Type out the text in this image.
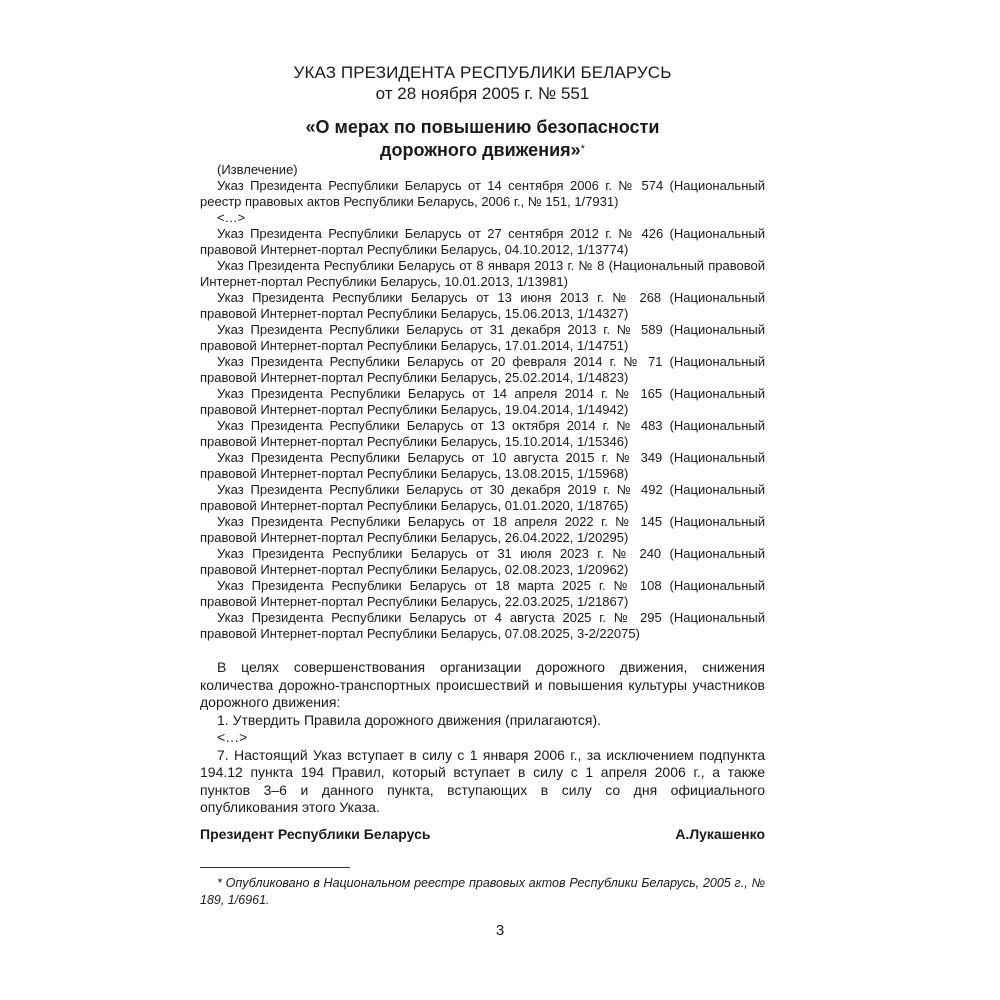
УКАЗ ПРЕЗИДЕНТА РЕСПУБЛИКИ БЕЛАРУСЬ
от 28 ноября 2005 г. № 551
«О мерах по повышению безопасности
дорожного движения»*

(Извлечение)

Указ Президента Республики Беларусь от 14 сентября 2006 г. № 574 (Национальный реестр правовых актов Республики Беларусь, 2006 г., № 151, 1/7931)

<…>

Указ Президента Республики Беларусь от 27 сентября 2012 г. № 426 (Национальный правовой Интернет-портал Республики Беларусь, 04.10.2012, 1/13774)

Указ Президента Республики Беларусь от 8 января 2013 г. № 8 (Национальный правовой Интернет-портал Республики Беларусь, 10.01.2013, 1/13981)

Указ Президента Республики Беларусь от 13 июня 2013 г. № 268 (Национальный правовой Интернет-портал Республики Беларусь, 15.06.2013, 1/14327)

Указ Президента Республики Беларусь от 31 декабря 2013 г. № 589 (Национальный правовой Интернет-портал Республики Беларусь, 17.01.2014, 1/14751)

Указ Президента Республики Беларусь от 20 февраля 2014 г. № 71 (Национальный правовой Интернет-портал Республики Беларусь, 25.02.2014, 1/14823)

Указ Президента Республики Беларусь от 14 апреля 2014 г. № 165 (Национальный правовой Интернет-портал Республики Беларусь, 19.04.2014, 1/14942)

Указ Президента Республики Беларусь от 13 октября 2014 г. № 483 (Национальный правовой Интернет-портал Республики Беларусь, 15.10.2014, 1/15346)

Указ Президента Республики Беларусь от 10 августа 2015 г. № 349 (Национальный правовой Интернет-портал Республики Беларусь, 13.08.2015, 1/15968)

Указ Президента Республики Беларусь от 30 декабря 2019 г. № 492 (Национальный правовой Интернет-портал Республики Беларусь, 01.01.2020, 1/18765)

Указ Президента Республики Беларусь от 18 апреля 2022 г. № 145 (Национальный правовой Интернет-портал Республики Беларусь, 26.04.2022, 1/20295)

Указ Президента Республики Беларусь от 31 июля 2023 г. № 240 (Национальный правовой Интернет-портал Республики Беларусь, 02.08.2023, 1/20962)

Указ Президента Республики Беларусь от 18 марта 2025 г. № 108 (Национальный правовой Интернет-портал Республики Беларусь, 22.03.2025, 1/21867)

Указ Президента Республики Беларусь от 4 августа 2025 г. № 295 (Национальный правовой Интернет-портал Республики Беларусь, 07.08.2025, 3-2/22075)

В целях совершенствования организации дорожного движения, снижения количества дорожно-транспортных происшествий и повышения культуры участников дорожного движения:

1. Утвердить Правила дорожного движения (прилагаются).

<…>

7. Настоящий Указ вступает в силу с 1 января 2006 г., за исключением подпункта 194.12 пункта 194 Правил, который вступает в силу с 1 апреля 2006 г., а также пунктов 3–6 и данного пункта, вступающих в силу со дня официального опубликования этого Указа.

Президент Республики Беларусь	А.Лукашенко
* Опубликовано в Национальном реестре правовых актов Республики Беларусь, 2005 г., № 189, 1/6961.
3
